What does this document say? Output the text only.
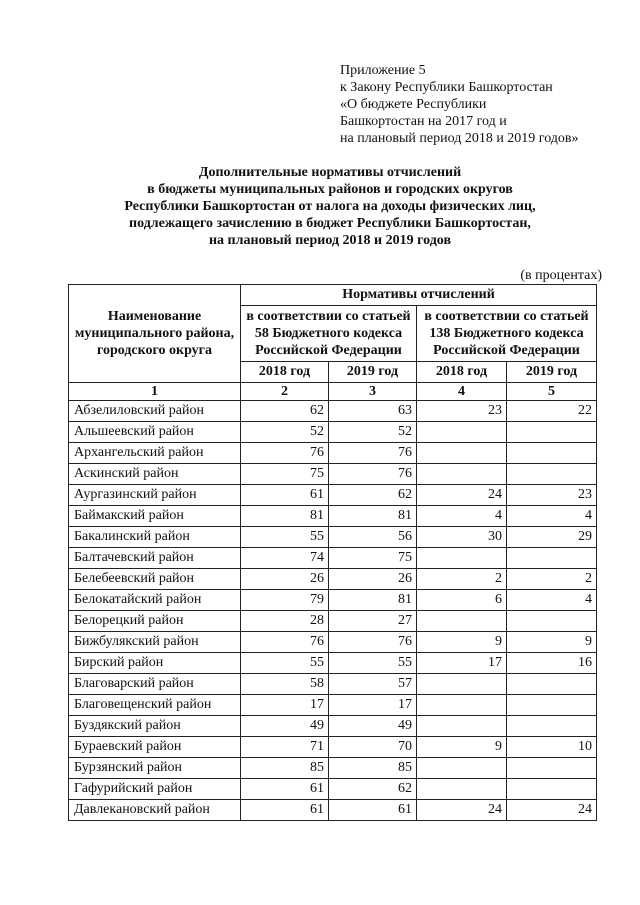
Приложение 5
к Закону Республики Башкортостан
«О бюджете Республики
Башкортостан на 2017 год и
на плановый период 2018 и 2019 годов»
Дополнительные нормативы отчислений
в бюджеты муниципальных районов и городских округов
Республики Башкортостан от налога на доходы физических лиц,
подлежащего зачислению в бюджет Республики Башкортостан,
на плановый период 2018 и 2019 годов
(в процентах)
Наименование муниципального района, городского округа	Нормативы отчислений			
	в соответствии со статьей 58 Бюджетного кодекса Российской Федерации		в соответствии со статьей 138 Бюджетного кодекса Российской Федерации	
	2018 год	2019 год	2018 год	2019 год
1	2	3	4	5
Абзелиловский район	62	63	23	22
Альшеевский район	52	52		
Архангельский район	76	76		
Аскинский район	75	76		
Аургазинский район	61	62	24	23
Баймакский район	81	81	4	4
Бакалинский район	55	56	30	29
Балтачевский район	74	75		
Белебеевский район	26	26	2	2
Белокатайский район	79	81	6	4
Белорецкий район	28	27		
Бижбулякский район	76	76	9	9
Бирский район	55	55	17	16
Благоварский район	58	57		
Благовещенский район	17	17		
Буздякский район	49	49		
Бураевский район	71	70	9	10
Бурзянский район	85	85		
Гафурийский район	61	62		
Давлекановский район	61	61	24	24
